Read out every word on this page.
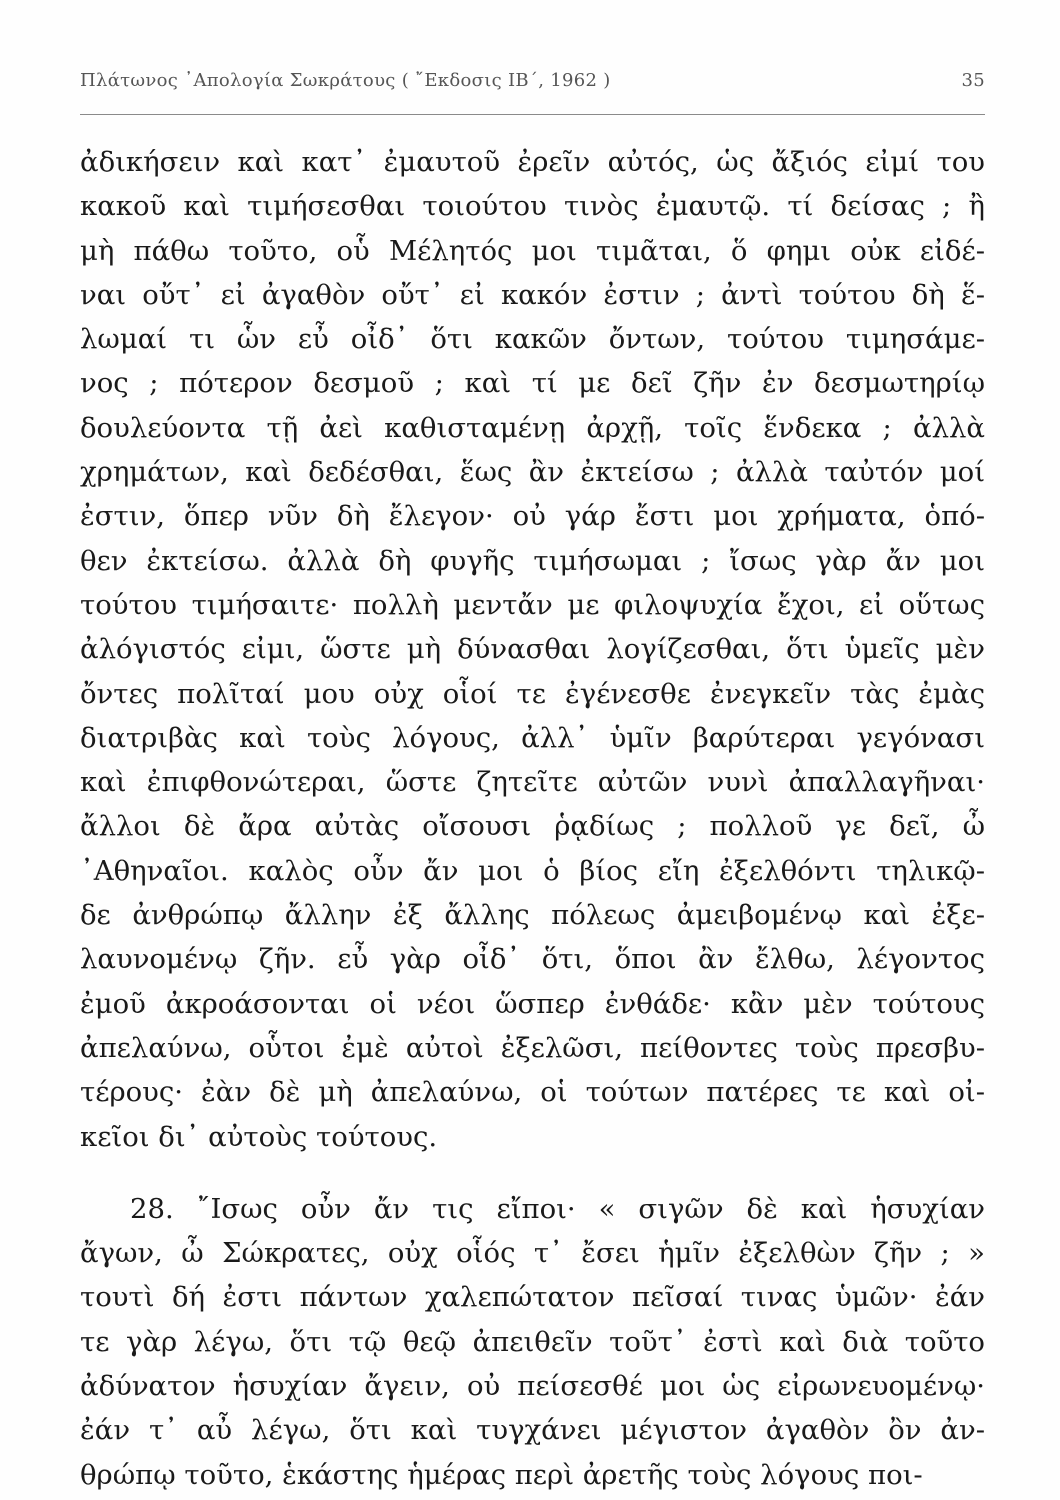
Πλάτωνος ᾿Απολογία Σωκράτους ( ῎Εκδοσις ΙΒ΄, 1962 )	35
ἀδικήσειν καὶ κατ᾿ ἐμαυτοῦ ἐρεῖν αὐτός, ὡς ἄξιός εἰμί του
κακοῦ καὶ τιμήσεσθαι τοιούτου τινὸς ἐμαυτῷ. τί δείσας ; ἢ
μὴ πάθω τοῦτο, οὗ Μέλητός μοι τιμᾶται, ὅ φημι οὐκ εἰδέ-
ναι οὔτ᾿ εἰ ἀγαθὸν οὔτ᾿ εἰ κακόν ἐστιν ; ἀντὶ τούτου δὴ ἕ-
λωμαί τι ὧν εὖ οἶδ᾿ ὅτι κακῶν ὄντων, τούτου τιμησάμε-
νος ; πότερον δεσμοῦ ; καὶ τί με δεῖ ζῆν ἐν δεσμωτηρίῳ
δουλεύοντα τῇ ἀεὶ καθισταμένῃ ἀρχῇ, τοῖς ἕνδεκα ; ἀλλὰ
χρημάτων, καὶ δεδέσθαι, ἕως ἂν ἐκτείσω ; ἀλλὰ ταὐτόν μοί
ἐστιν, ὅπερ νῦν δὴ ἔλεγον· οὐ γάρ ἔστι μοι χρήματα, ὁπό-
θεν ἐκτείσω. ἀλλὰ δὴ φυγῆς τιμήσωμαι ; ἴσως γὰρ ἄν μοι
τούτου τιμήσαιτε· πολλὴ μεντἄν με φιλοψυχία ἔχοι, εἰ οὕτως
ἀλόγιστός εἰμι, ὥστε μὴ δύνασθαι λογίζεσθαι, ὅτι ὑμεῖς μὲν
ὄντες πολῖταί μου οὐχ οἷοί τε ἐγένεσθε ἐνεγκεῖν τὰς ἐμὰς
διατριβὰς καὶ τοὺς λόγους, ἀλλ᾿ ὑμῖν βαρύτεραι γεγόνασι
καὶ ἐπιφθονώτεραι, ὥστε ζητεῖτε αὐτῶν νυνὶ ἀπαλλαγῆναι·
ἄλλοι δὲ ἄρα αὐτὰς οἴσουσι ῥᾳδίως ; πολλοῦ γε δεῖ, ὦ
᾿Αθηναῖοι. καλὸς οὖν ἄν μοι ὁ βίος εἴη ἐξελθόντι τηλικῷ-
δε ἀνθρώπῳ ἄλλην ἐξ ἄλλης πόλεως ἀμειβομένῳ καὶ ἐξε-
λαυνομένῳ ζῆν. εὖ γὰρ οἶδ᾿ ὅτι, ὅποι ἂν ἔλθω, λέγοντος
ἐμοῦ ἀκροάσονται οἱ νέοι ὥσπερ ἐνθάδε· κἂν μὲν τούτους
ἀπελαύνω, οὗτοι ἐμὲ αὐτοὶ ἐξελῶσι, πείθοντες τοὺς πρεσβυ-
τέρους· ἐὰν δὲ μὴ ἀπελαύνω, οἱ τούτων πατέρες τε καὶ οἰ-
κεῖοι δι᾿ αὐτοὺς τούτους.
28. ῎Ισως οὖν ἄν τις εἴποι· « σιγῶν δὲ καὶ ἡσυχίαν
ἄγων, ὦ Σώκρατες, οὐχ οἷός τ᾿ ἔσει ἡμῖν ἐξελθὼν ζῆν ; »
τουτὶ δή ἐστι πάντων χαλεπώτατον πεῖσαί τινας ὑμῶν· ἐάν
τε γὰρ λέγω, ὅτι τῷ θεῷ ἀπειθεῖν τοῦτ᾿ ἐστὶ καὶ διὰ τοῦτο
ἀδύνατον ἡσυχίαν ἄγειν, οὐ πείσεσθέ μοι ὡς εἰρωνευομένῳ·
ἐάν τ᾿ αὖ λέγω, ὅτι καὶ τυγχάνει μέγιστον ἀγαθὸν ὂν ἀν-
θρώπῳ τοῦτο, ἑκάστης ἡμέρας περὶ ἀρετῆς τοὺς λόγους ποι-
